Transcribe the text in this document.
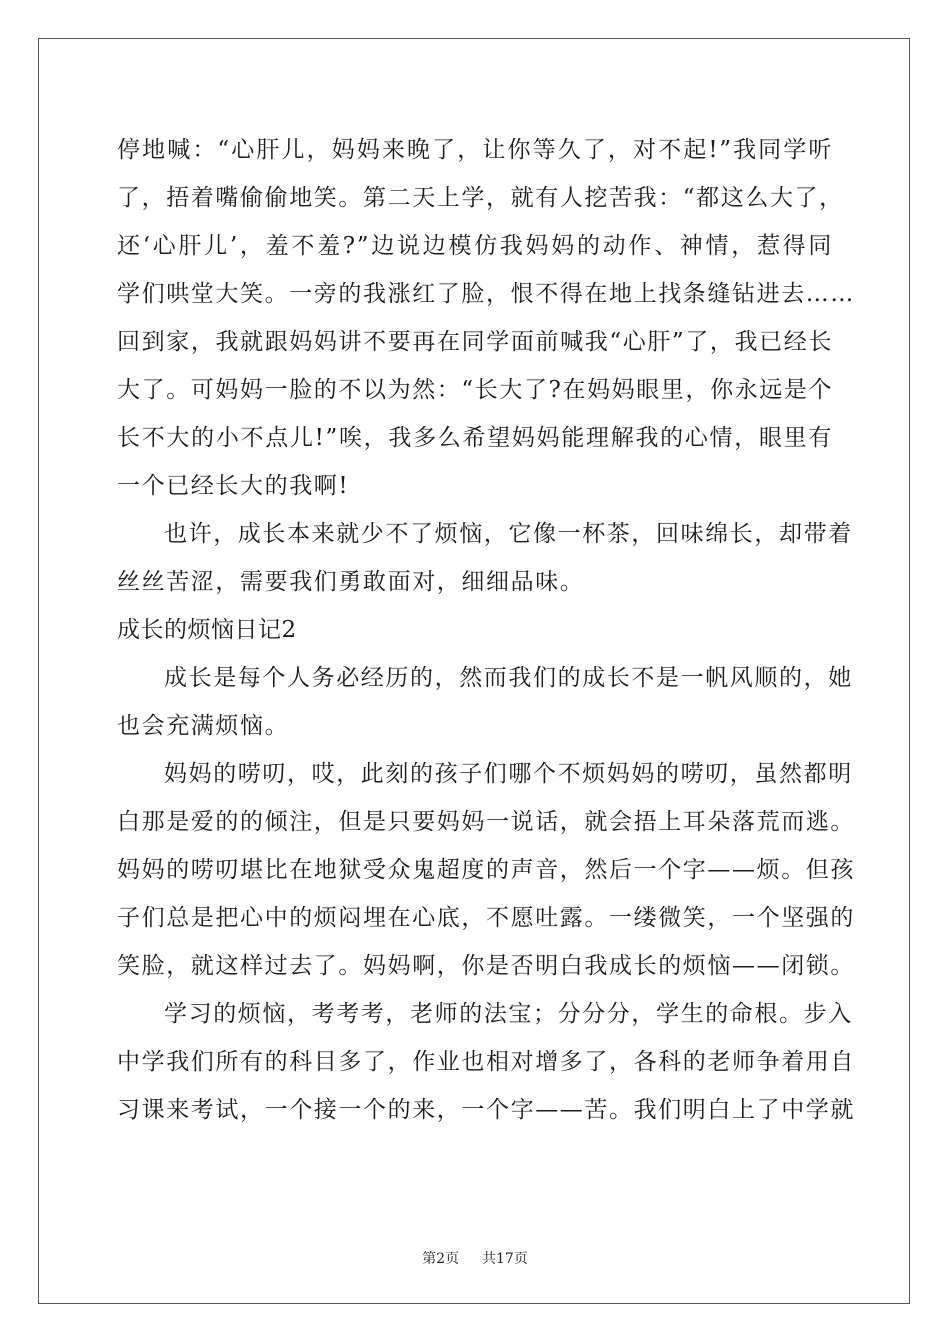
停地喊：“心肝儿，妈妈来晚了，让你等久了，对不起!”我同学听
了，捂着嘴偷偷地笑。第二天上学，就有人挖苦我：“都这么大了，
还‘心肝儿’，羞不羞?”边说边模仿我妈妈的动作、神情，惹得同
学们哄堂大笑。一旁的我涨红了脸，恨不得在地上找条缝钻进去……
回到家，我就跟妈妈讲不要再在同学面前喊我“心肝”了，我已经长
大了。可妈妈一脸的不以为然：“长大了?在妈妈眼里，你永远是个
长不大的小不点儿!”唉，我多么希望妈妈能理解我的心情，眼里有
一个已经长大的我啊!
也许，成长本来就少不了烦恼，它像一杯茶，回味绵长，却带着
丝丝苦涩，需要我们勇敢面对，细细品味。
成长的烦恼日记2
成长是每个人务必经历的，然而我们的成长不是一帆风顺的，她
也会充满烦恼。
妈妈的唠叨，哎，此刻的孩子们哪个不烦妈妈的唠叨，虽然都明
白那是爱的的倾注，但是只要妈妈一说话，就会捂上耳朵落荒而逃。
妈妈的唠叨堪比在地狱受众鬼超度的声音，然后一个字——烦。但孩
子们总是把心中的烦闷埋在心底，不愿吐露。一缕微笑，一个坚强的
笑脸，就这样过去了。妈妈啊，你是否明白我成长的烦恼——闭锁。
学习的烦恼，考考考，老师的法宝；分分分，学生的命根。步入
中学我们所有的科目多了，作业也相对增多了，各科的老师争着用自
习课来考试，一个接一个的来，一个字——苦。我们明白上了中学就
第2页 共17页
